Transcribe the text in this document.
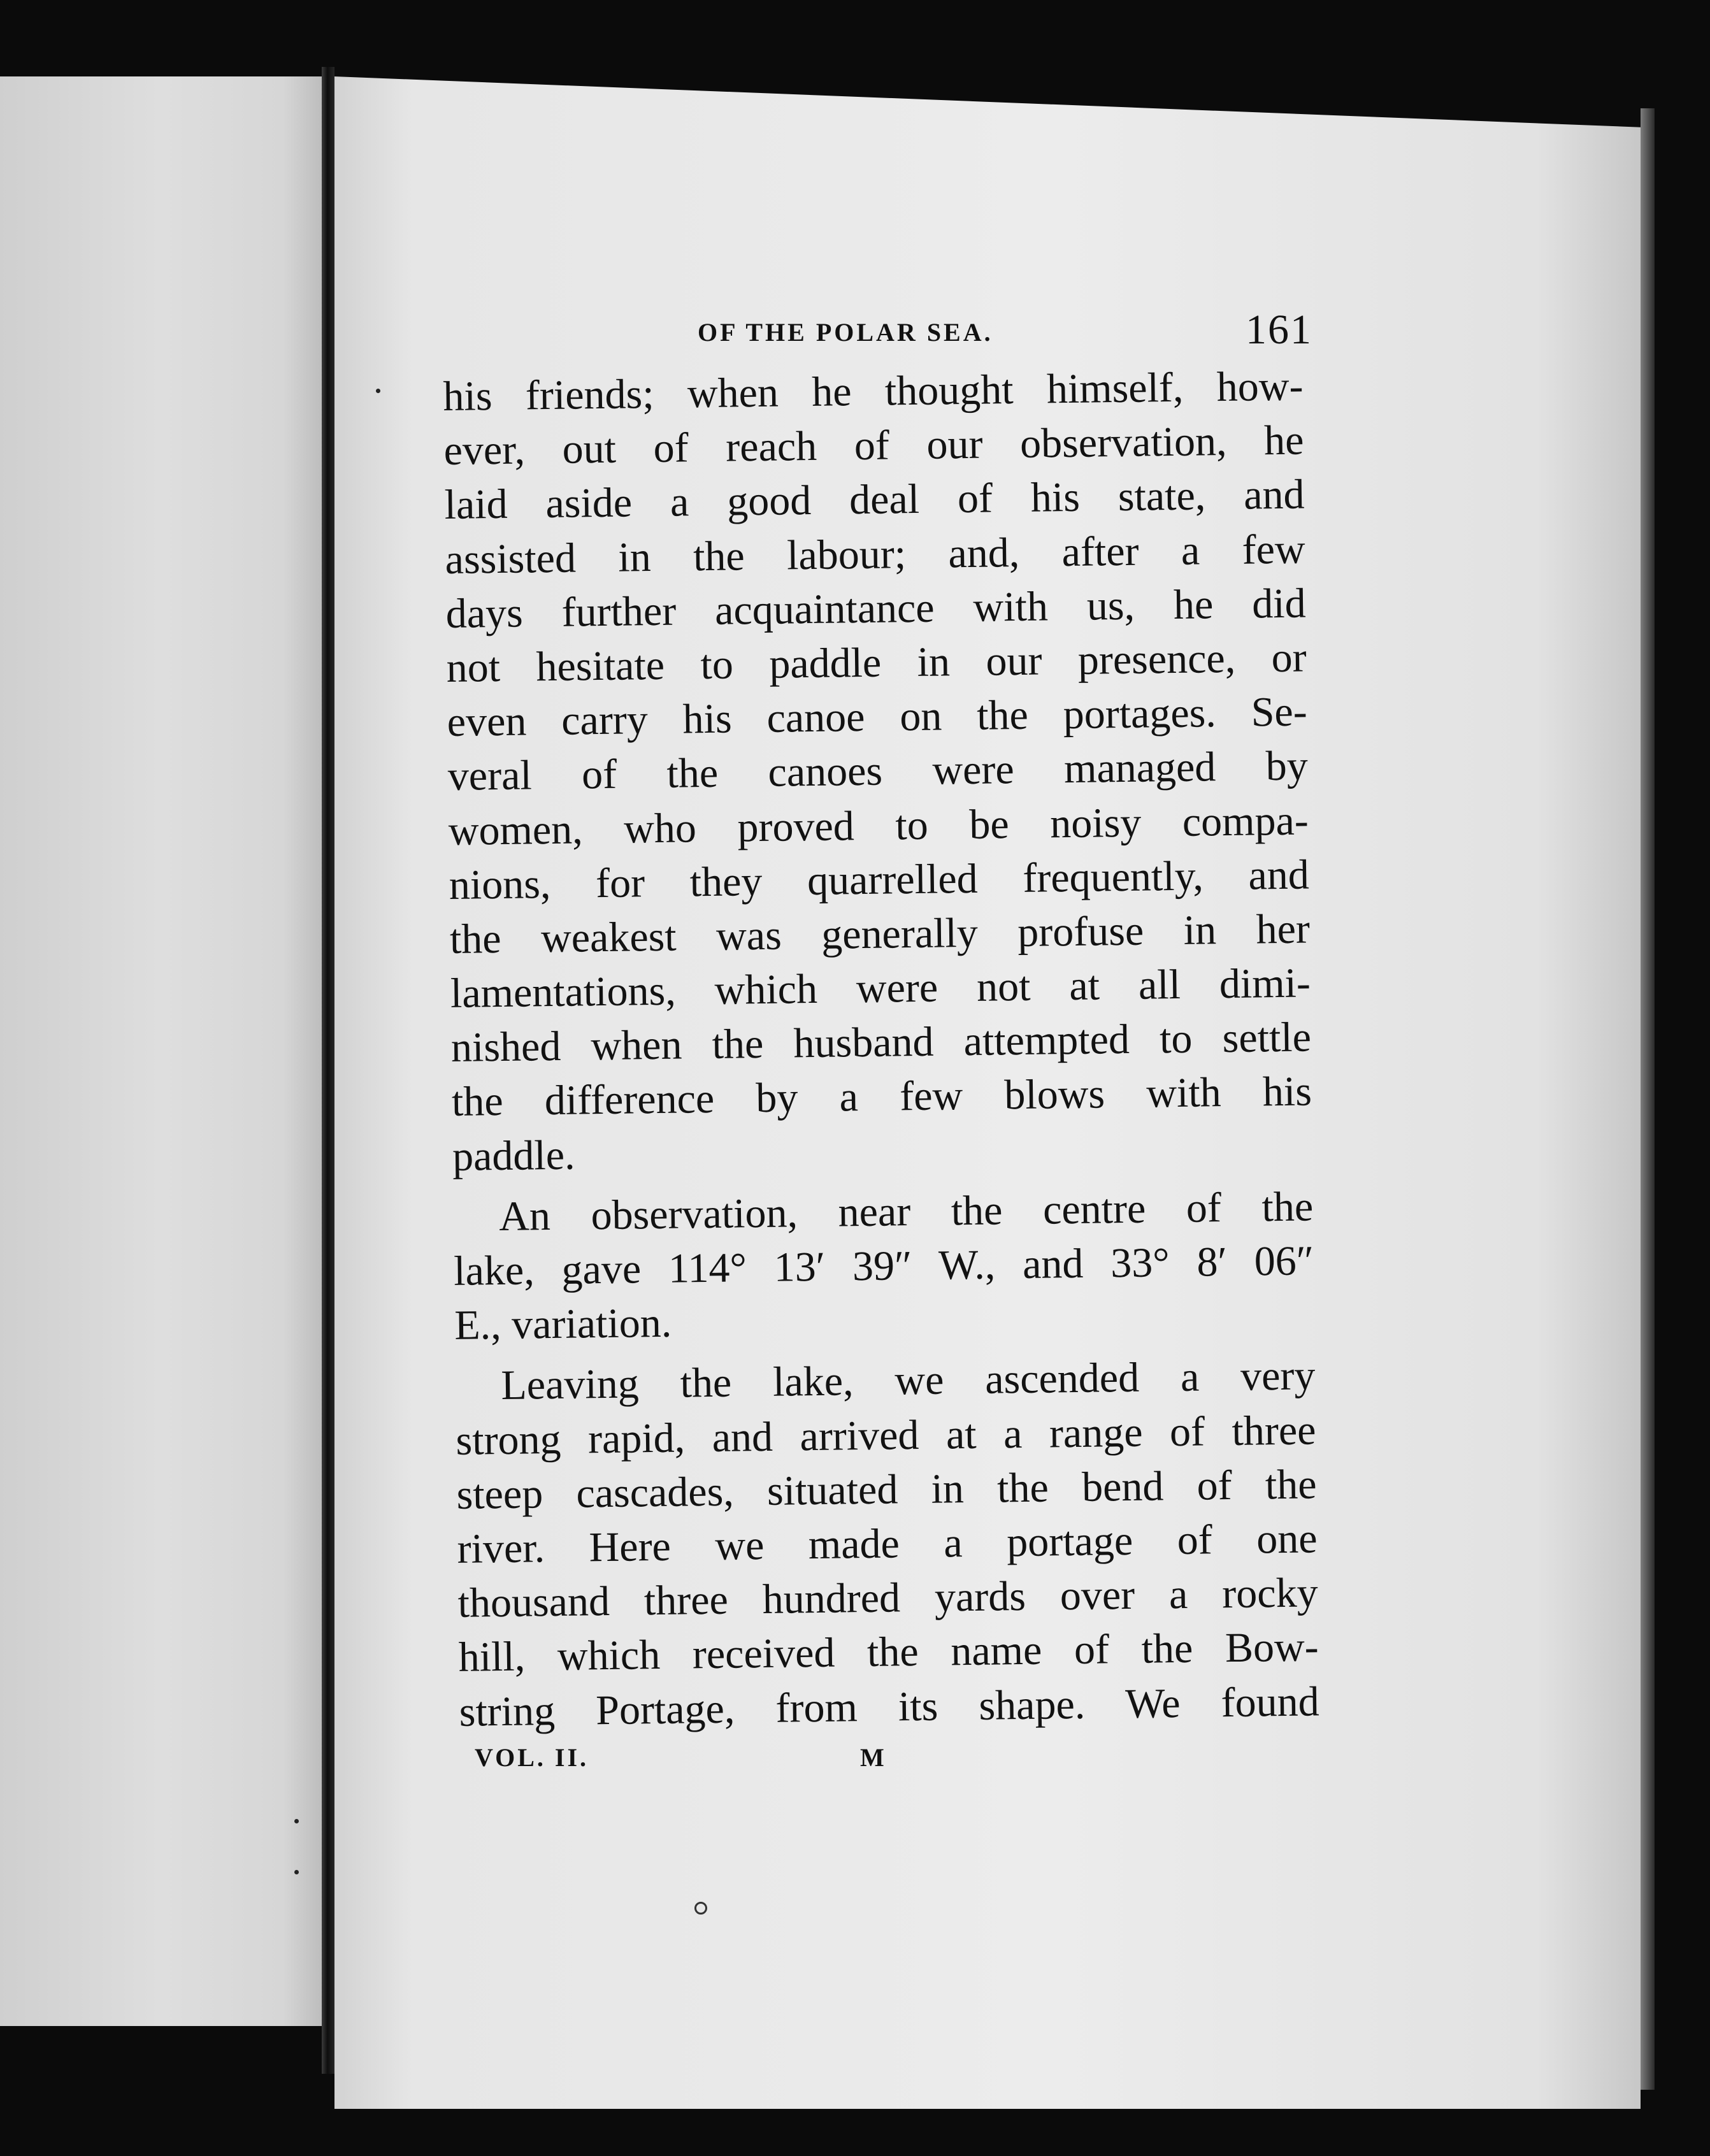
OF THE POLAR SEA.	161
his friends; when he thought himself, how-
ever, out of reach of our observation, he
laid aside a good deal of his state, and
assisted in the labour; and, after a few
days further acquaintance with us, he did
not hesitate to paddle in our presence, or
even carry his canoe on the portages. Se-
veral of the canoes were managed by
women, who proved to be noisy compa-
nions, for they quarrelled frequently, and
the weakest was generally profuse in her
lamentations, which were not at all dimi-
nished when the husband attempted to settle
the difference by a few blows with his
paddle.
An observation, near the centre of the
lake, gave 114° 13′ 39″ W., and 33° 8′ 06″
E., variation.
Leaving the lake, we ascended a very
strong rapid, and arrived at a range of three
steep cascades, situated in the bend of the
river. Here we made a portage of one
thousand three hundred yards over a rocky
hill, which received the name of the Bow-
string Portage, from its shape. We found
VOL. II.	M
